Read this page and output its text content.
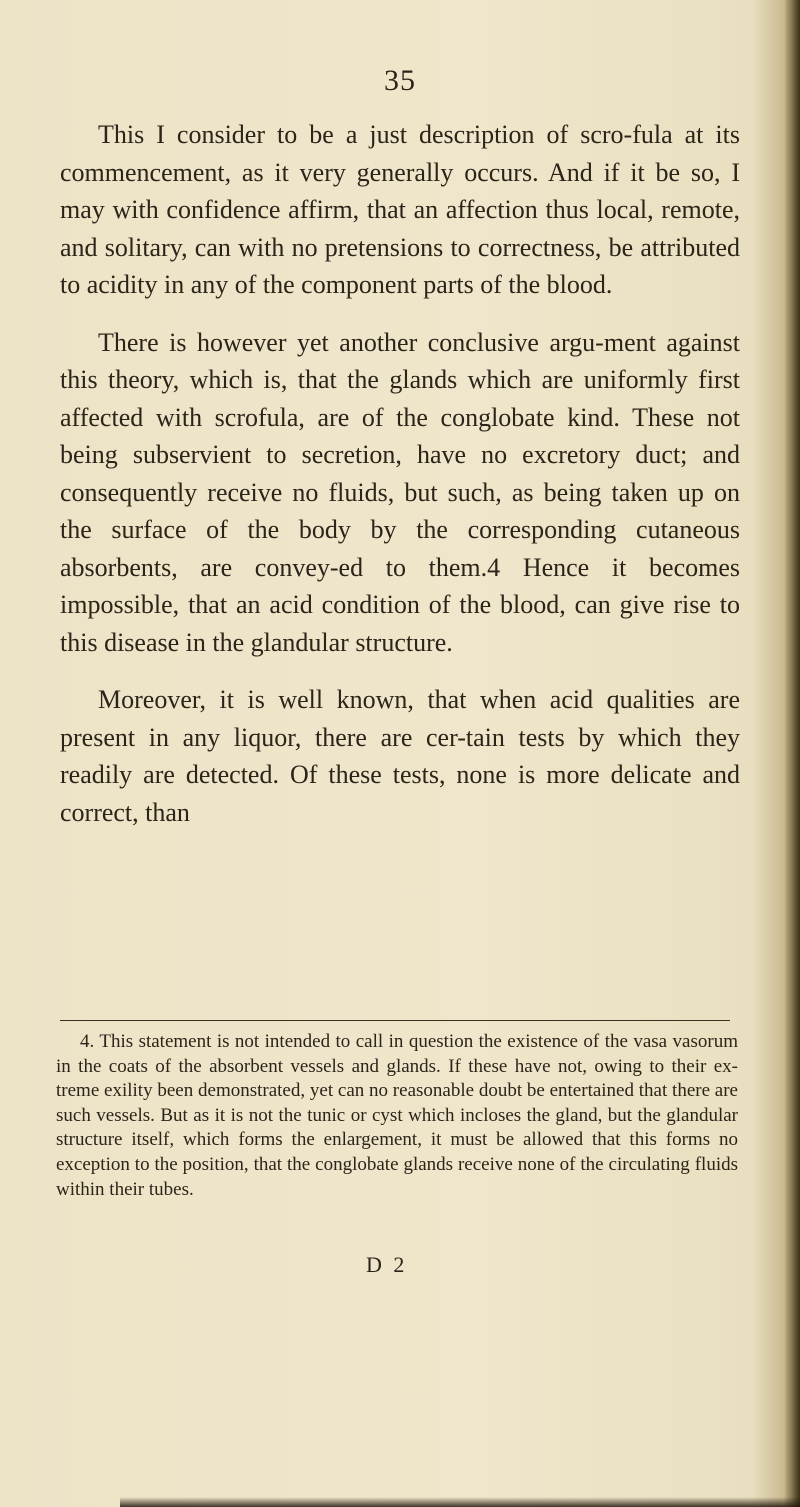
35

This I consider to be a just description of scro-fula at its commencement, as it very generally occurs. And if it be so, I may with confidence affirm, that an affection thus local, remote, and solitary, can with no pretensions to correctness, be attributed to acidity in any of the component parts of the blood.

There is however yet another conclusive argu-ment against this theory, which is, that the glands which are uniformly first affected with scrofula, are of the conglobate kind. These not being subservient to secretion, have no excretory duct; and consequently receive no fluids, but such, as being taken up on the surface of the body by the corresponding cutaneous absorbents, are convey-ed to them.4 Hence it becomes impossible, that an acid condition of the blood, can give rise to this disease in the glandular structure.

Moreover, it is well known, that when acid qualities are present in any liquor, there are cer-tain tests by which they readily are detected. Of these tests, none is more delicate and correct, than

4. This statement is not intended to call in question the existence of the vasa vasorum in the coats of the absorbent vessels and glands. If these have not, owing to their ex-treme exility been demonstrated, yet can no reasonable doubt be entertained that there are such vessels. But as it is not the tunic or cyst which incloses the gland, but the glandular structure itself, which forms the enlargement, it must be allowed that this forms no exception to the position, that the conglobate glands receive none of the circulating fluids within their tubes.

D 2
